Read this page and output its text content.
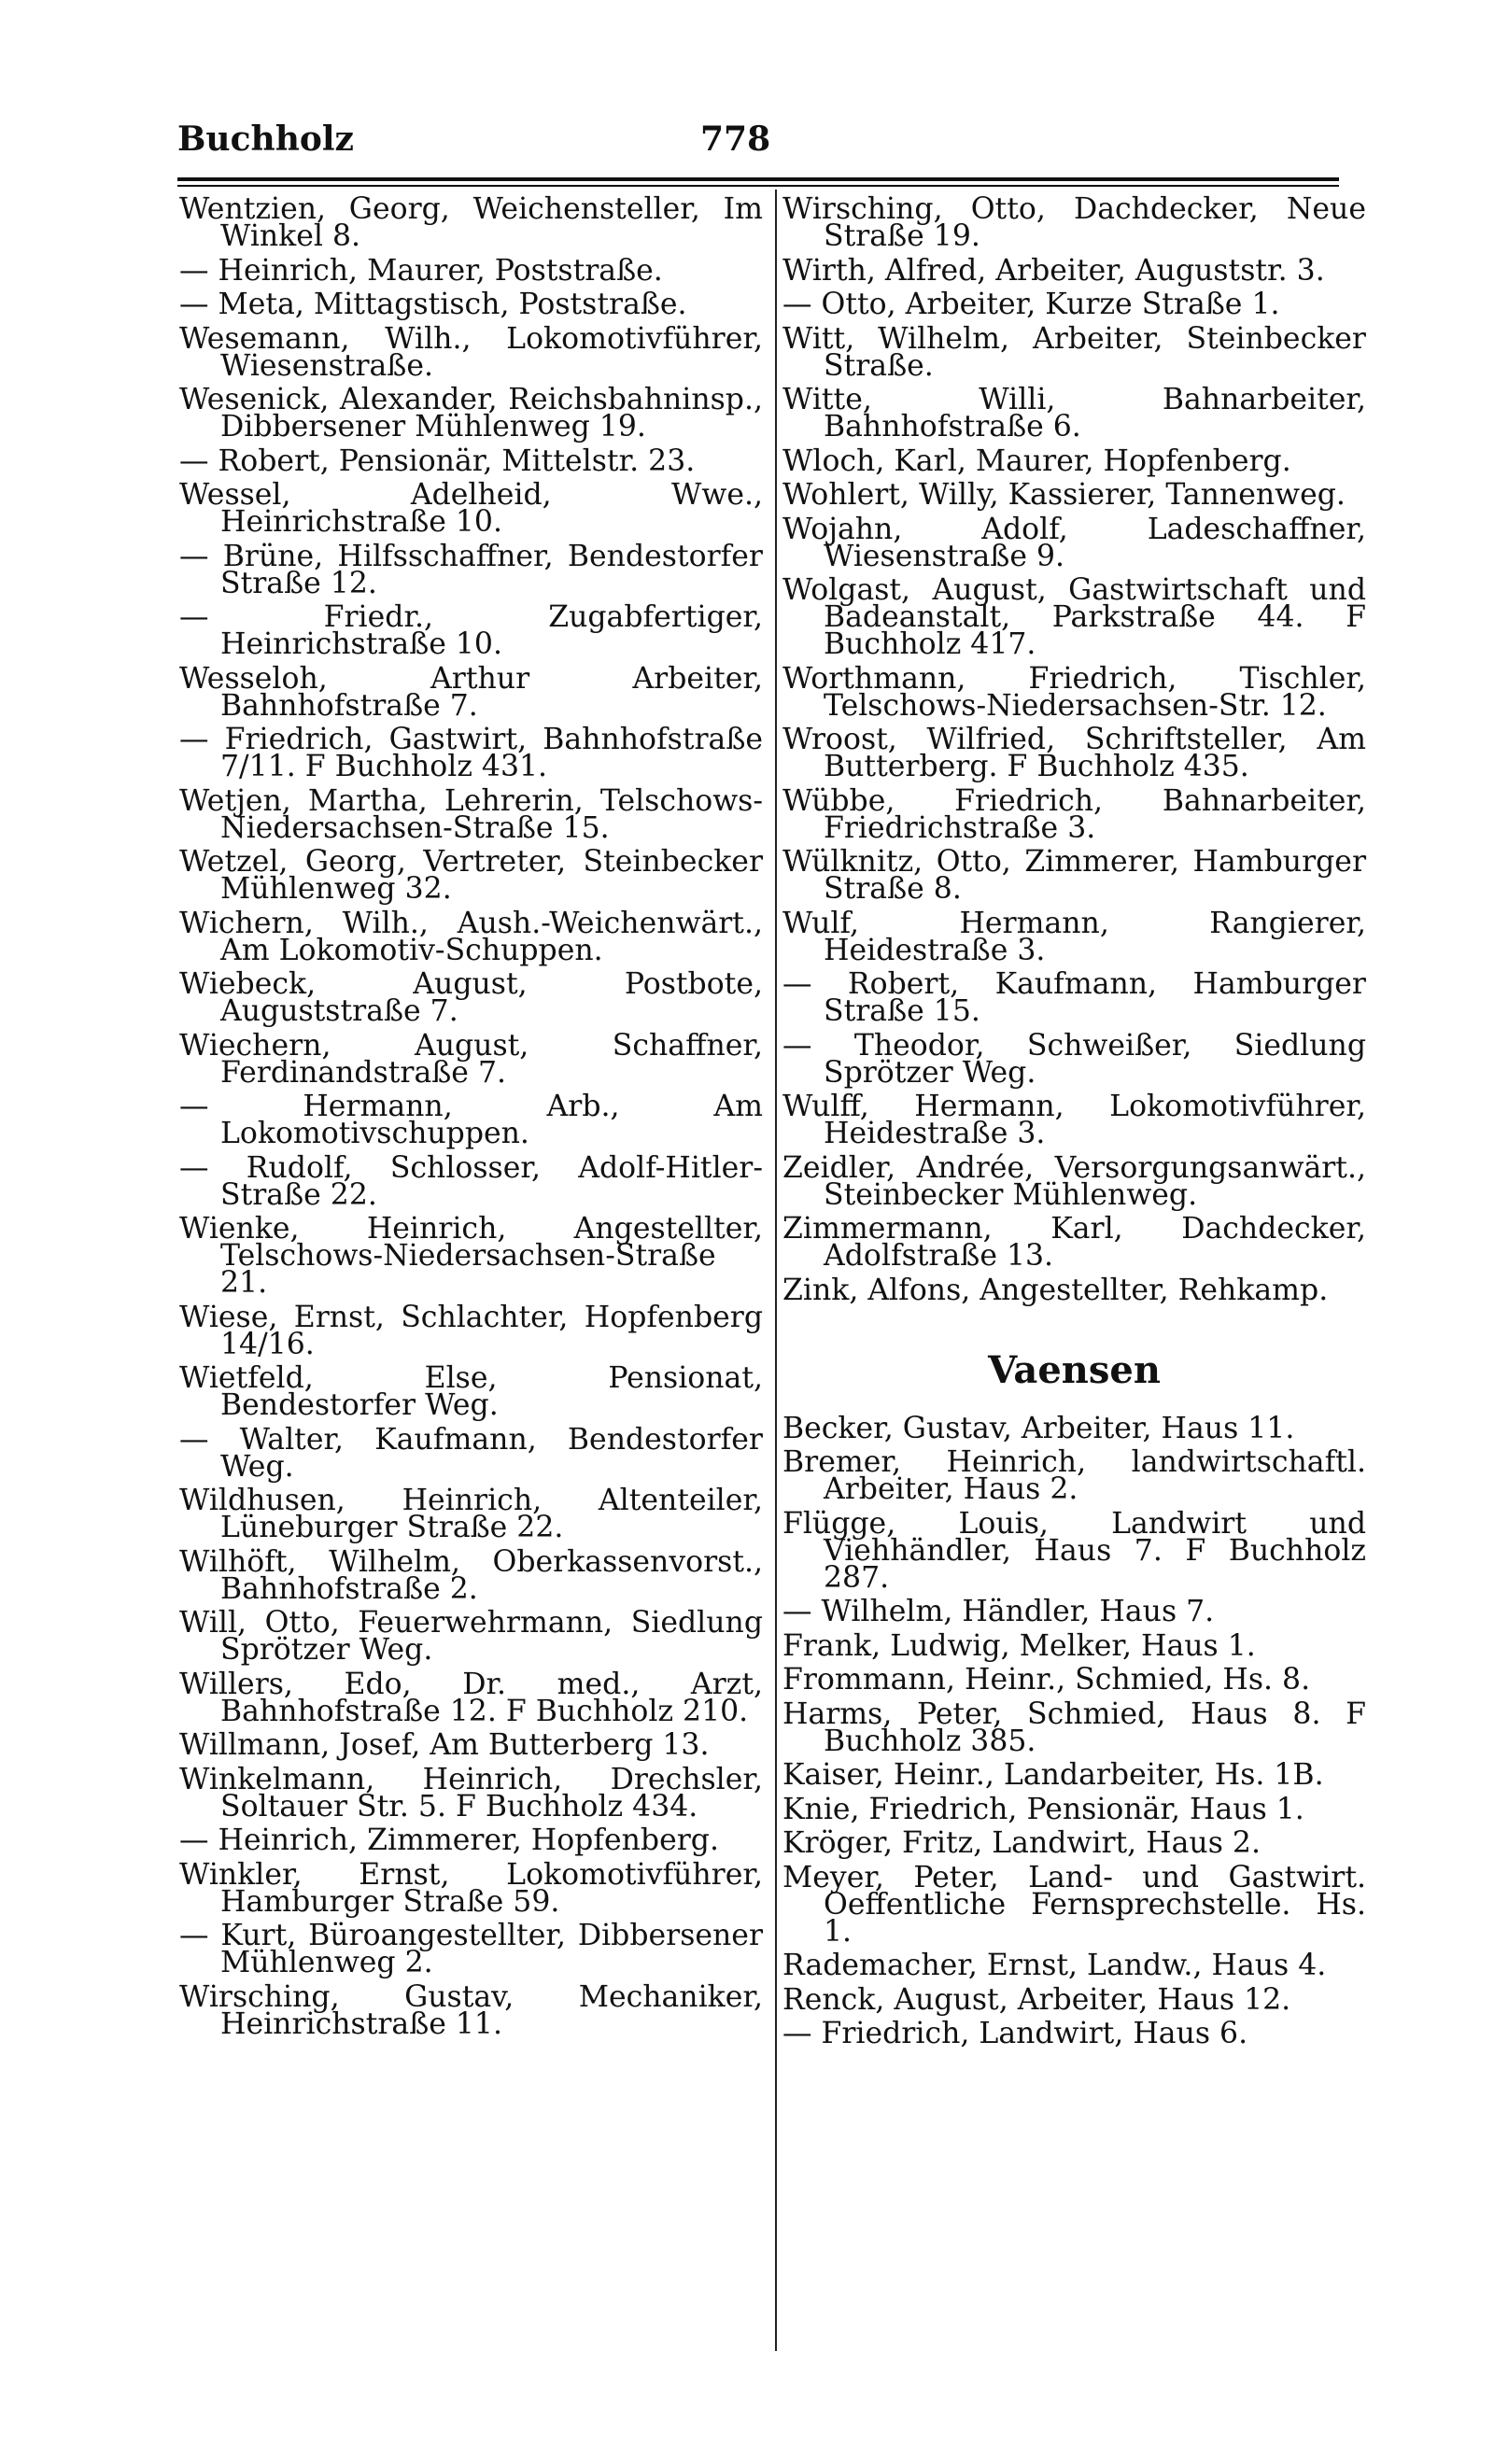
Buchholz	778
Wentzien, Georg, Weichensteller, Im Winkel 8.
— Heinrich, Maurer, Poststraße.
— Meta, Mittagstisch, Poststraße.
Wesemann, Wilh., Lokomotivführer, Wiesenstraße.
Wesenick, Alexander, Reichsbahninsp., Dibbersener Mühlenweg 19.
— Robert, Pensionär, Mittelstr. 23.
Wessel, Adelheid, Wwe., Heinrichstraße 10.
— Brüne, Hilfsschaffner, Bendestorfer Straße 12.
— Friedr., Zugabfertiger, Heinrichstraße 10.
Wesseloh, Arthur Arbeiter, Bahnhofstraße 7.
— Friedrich, Gastwirt, Bahnhofstraße 7/11. F Buchholz 431.
Wetjen, Martha, Lehrerin, Telschows-Niedersachsen-Straße 15.
Wetzel, Georg, Vertreter, Steinbecker Mühlenweg 32.
Wichern, Wilh., Aush.-Weichenwärt., Am Lokomotiv-Schuppen.
Wiebeck, August, Postbote, Auguststraße 7.
Wiechern, August, Schaffner, Ferdinandstraße 7.
— Hermann, Arb., Am Lokomotivschuppen.
— Rudolf, Schlosser, Adolf-Hitler-Straße 22.
Wienke, Heinrich, Angestellter, Telschows-Niedersachsen-Straße 21.
Wiese, Ernst, Schlachter, Hopfenberg 14/16.
Wietfeld, Else, Pensionat, Bendestorfer Weg.
— Walter, Kaufmann, Bendestorfer Weg.
Wildhusen, Heinrich, Altenteiler, Lüneburger Straße 22.
Wilhöft, Wilhelm, Oberkassenvorst., Bahnhofstraße 2.
Will, Otto, Feuerwehrmann, Siedlung Sprötzer Weg.
Willers, Edo, Dr. med., Arzt, Bahnhofstraße 12. F Buchholz 210.
Willmann, Josef, Am Butterberg 13.
Winkelmann, Heinrich, Drechsler, Soltauer Str. 5. F Buchholz 434.
— Heinrich, Zimmerer, Hopfenberg.
Winkler, Ernst, Lokomotivführer, Hamburger Straße 59.
— Kurt, Büroangestellter, Dibbersener Mühlenweg 2.
Wirsching, Gustav, Mechaniker, Heinrichstraße 11.
Wirsching, Otto, Dachdecker, Neue Straße 19.
Wirth, Alfred, Arbeiter, Auguststr. 3.
— Otto, Arbeiter, Kurze Straße 1.
Witt, Wilhelm, Arbeiter, Steinbecker Straße.
Witte, Willi, Bahnarbeiter, Bahnhofstraße 6.
Wloch, Karl, Maurer, Hopfenberg.
Wohlert, Willy, Kassierer, Tannenweg.
Wojahn, Adolf, Ladeschaffner, Wiesenstraße 9.
Wolgast, August, Gastwirtschaft und Badeanstalt, Parkstraße 44. F Buchholz 417.
Worthmann, Friedrich, Tischler, Telschows-Niedersachsen-Str. 12.
Wroost, Wilfried, Schriftsteller, Am Butterberg. F Buchholz 435.
Wübbe, Friedrich, Bahnarbeiter, Friedrichstraße 3.
Wülknitz, Otto, Zimmerer, Hamburger Straße 8.
Wulf, Hermann, Rangierer, Heidestraße 3.
— Robert, Kaufmann, Hamburger Straße 15.
— Theodor, Schweißer, Siedlung Sprötzer Weg.
Wulff, Hermann, Lokomotivführer, Heidestraße 3.
Zeidler, Andrée, Versorgungsanwärt., Steinbecker Mühlenweg.
Zimmermann, Karl, Dachdecker, Adolfstraße 13.
Zink, Alfons, Angestellter, Rehkamp.
Vaensen
Becker, Gustav, Arbeiter, Haus 11.
Bremer, Heinrich, landwirtschaftl. Arbeiter, Haus 2.
Flügge, Louis, Landwirt und Viehhändler, Haus 7. F Buchholz 287.
— Wilhelm, Händler, Haus 7.
Frank, Ludwig, Melker, Haus 1.
Frommann, Heinr., Schmied, Hs. 8.
Harms, Peter, Schmied, Haus 8. F Buchholz 385.
Kaiser, Heinr., Landarbeiter, Hs. 1B.
Knie, Friedrich, Pensionär, Haus 1.
Kröger, Fritz, Landwirt, Haus 2.
Meyer, Peter, Land- und Gastwirt. Oeffentliche Fernsprechstelle. Hs. 1.
Rademacher, Ernst, Landw., Haus 4.
Renck, August, Arbeiter, Haus 12.
— Friedrich, Landwirt, Haus 6.
